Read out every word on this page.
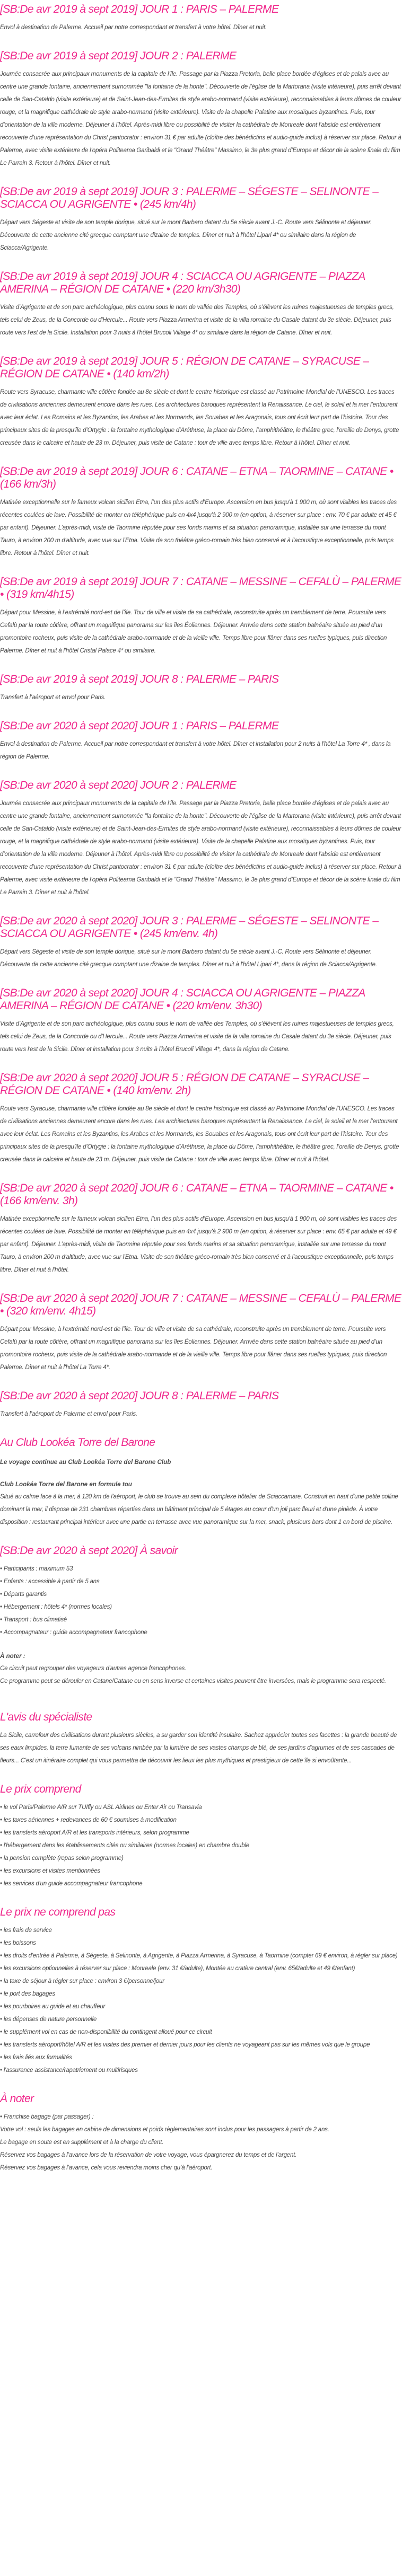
[SB:De avr 2019 à sept 2019] JOUR 1 : PARIS – PALERME

Envol à destination de Palerme. Accueil par notre correspondant et transfert à votre hôtel. Dîner et nuit.

[SB:De avr 2019 à sept 2019] JOUR 2 : PALERME

Journée consacrée aux principaux monuments de la capitale de l’île. Passage par la Piazza Pretoria, belle place bordée d’églises et de palais avec au centre une grande fontaine, anciennement surnommée "la fontaine de la honte". Découverte de l’église de la Martorana (visite intérieure), puis arrêt devant celle de San-Cataldo (visite extérieure) et de Saint-Jean-des-Ermites de style arabo-normand (visite extérieure), reconnaissables à leurs dômes de couleur rouge, et la magnifique cathédrale de style arabo-normand (visite extérieure). Visite de la chapelle Palatine aux mosaïques byzantines. Puis, tour d’orientation de la ville moderne. Déjeuner à l’hôtel. Après-midi libre ou possibilité de visiter la cathédrale de Monreale dont l’abside est entièrement recouverte d’une représentation du Christ pantocrator : environ 31 € par adulte (cloître des bénédictins et audio-guide inclus) à réserver sur place. Retour à Palerme, avec visite extérieure de l’opéra Politeama Garibaldi et le "Grand Théâtre" Massimo, le 3e plus grand d’Europe et décor de la scène finale du film Le Parrain 3. Retour à l'hôtel. Dîner et nuit.

[SB:De avr 2019 à sept 2019] JOUR 3 : PALERME – SÉGESTE – SELINONTE – SCIACCA OU AGRIGENTE • (245 km/4h)

Départ vers Ségeste et visite de son temple dorique, situé sur le mont Barbaro datant du 5e siècle avant J.-C. Route vers Sélinonte et déjeuner. Découverte de cette ancienne cité grecque comptant une dizaine de temples. Dîner et nuit à l'hôtel Lipari 4* ou similaire dans la région de Sciacca/Agrigente.

[SB:De avr 2019 à sept 2019] JOUR 4 : SCIACCA OU AGRIGENTE – PIAZZA AMERINA – RÉGION DE CATANE • (220 km/3h30)

Visite d’Agrigente et de son parc archéologique, plus connu sous le nom de vallée des Temples, où s’élèvent les ruines majestueuses de temples grecs, tels celui de Zeus, de la Concorde ou d'Hercule... Route vers Piazza Armerina et visite de la villa romaine du Casale datant du 3e siècle. Déjeuner, puis route vers l'est de la Sicile. Installation pour 3 nuits à l'hôtel Brucoli Village 4* ou similaire dans la région de Catane. Dîner et nuit.

[SB:De avr 2019 à sept 2019] JOUR 5 : RÉGION DE CATANE – SYRACUSE – RÉGION DE CATANE • (140 km/2h)

Route vers Syracuse, charmante ville côtière fondée au 8e siècle et dont le centre historique est classé au Patrimoine Mondial de l’UNESCO. Les traces de civilisations anciennes demeurent encore dans les rues. Les architectures baroques représentent la Renaissance. Le ciel, le soleil et la mer l’entourent avec leur éclat. Les Romains et les Byzantins, les Arabes et les Normands, les Souabes et les Aragonais, tous ont écrit leur part de l’histoire. Tour des principaux sites de la presqu'île d’Ortygie : la fontaine mythologique d’Aréthuse, la place du Dôme, l’amphithéâtre, le théâtre grec, l’oreille de Denys, grotte creusée dans le calcaire et haute de 23 m. Déjeuner, puis visite de Catane : tour de ville avec temps libre. Retour à l'hôtel. Dîner et nuit.

[SB:De avr 2019 à sept 2019] JOUR 6 : CATANE – ETNA – TAORMINE – CATANE • (166 km/3h)

Matinée exceptionnelle sur le fameux volcan sicilien Etna, l’un des plus actifs d’Europe. Ascension en bus jusqu'à 1 900 m, où sont visibles les traces des récentes coulées de lave. Possibilité de monter en téléphérique puis en 4x4 jusqu'à 2 900 m (en option, à réserver sur place : env. 70 € par adulte et 45 € par enfant). Déjeuner. L’après-midi, visite de Taormine réputée pour ses fonds marins et sa situation panoramique, installée sur une terrasse du mont Tauro, à environ 200 m d'altitude, avec vue sur l'Etna. Visite de son théâtre gréco-romain très bien conservé et à l’acoustique exceptionnelle, puis temps libre. Retour à l'hôtel. Dîner et nuit.

[SB:De avr 2019 à sept 2019] JOUR 7 : CATANE – MESSINE – CEFALÙ – PALERME • (319 km/4h15)

Départ pour Messine, à l’extrémité nord-est de l’île. Tour de ville et visite de sa cathédrale, reconstruite après un tremblement de terre. Poursuite vers Cefalù par la route côtière, offrant un magnifique panorama sur les îles Éoliennes. Déjeuner. Arrivée dans cette station balnéaire située au pied d’un promontoire rocheux, puis visite de la cathédrale arabo-normande et de la vieille ville. Temps libre pour flâner dans ses ruelles typiques, puis direction Palerme. Dîner et nuit à l'hôtel Cristal Palace 4* ou similaire.

[SB:De avr 2019 à sept 2019] JOUR 8 : PALERME – PARIS

Transfert à l’aéroport et envol pour Paris.

[SB:De avr 2020 à sept 2020] JOUR 1 : PARIS – PALERME

Envol à destination de Palerme. Accueil par notre correspondant et transfert à votre hôtel. Dîner et installation pour 2 nuits à l'hôtel La Torre 4* , dans la région de Palerme.

[SB:De avr 2020 à sept 2020] JOUR 2 : PALERME

Journée consacrée aux principaux monuments de la capitale de l’île. Passage par la Piazza Pretoria, belle place bordée d’églises et de palais avec au centre une grande fontaine, anciennement surnommée "la fontaine de la honte". Découverte de l’église de la Martorana (visite intérieure), puis arrêt devant celle de San-Cataldo (visite extérieure) et de Saint-Jean-des-Ermites de style arabo-normand (visite extérieure), reconnaissables à leurs dômes de couleur rouge, et la magnifique cathédrale de style arabo-normand (visite extérieure). Visite de la chapelle Palatine aux mosaïques byzantines. Puis, tour d’orientation de la ville moderne. Déjeuner à l’hôtel. Après-midi libre ou possibilité de visiter la cathédrale de Monreale dont l’abside est entièrement recouverte d’une représentation du Christ pantocrator : environ 31 € par adulte (cloître des bénédictins et audio-guide inclus) à réserver sur place. Retour à Palerme, avec visite extérieure de l’opéra Politeama Garibaldi et le "Grand Théâtre" Massimo, le 3e plus grand d’Europe et décor de la scène finale du film Le Parrain 3. Dîner et nuit à l'hôtel.

[SB:De avr 2020 à sept 2020] JOUR 3 : PALERME – SÉGESTE – SELINONTE – SCIACCA OU AGRIGENTE • (245 km/env. 4h)

Départ vers Ségeste et visite de son temple dorique, situé sur le mont Barbaro datant du 5e siècle avant J.-C. Route vers Sélinonte et déjeuner. Découverte de cette ancienne cité grecque comptant une dizaine de temples. Dîner et nuit à l'hôtel Lipari 4*, dans la région de Sciacca/Agrigente.

[SB:De avr 2020 à sept 2020] JOUR 4 : SCIACCA OU AGRIGENTE – PIAZZA AMERINA – RÉGION DE CATANE • (220 km/env. 3h30)

Visite d’Agrigente et de son parc archéologique, plus connu sous le nom de vallée des Temples, où s’élèvent les ruines majestueuses de temples grecs, tels celui de Zeus, de la Concorde ou d'Hercule... Route vers Piazza Armerina et visite de la villa romaine du Casale datant du 3e siècle. Déjeuner, puis route vers l'est de la Sicile. Dîner et installation pour 3 nuits à l'hôtel Brucoli Village 4*, dans la région de Catane.

[SB:De avr 2020 à sept 2020] JOUR 5 : RÉGION DE CATANE – SYRACUSE – RÉGION DE CATANE • (140 km/env. 2h)

Route vers Syracuse, charmante ville côtière fondée au 8e siècle et dont le centre historique est classé au Patrimoine Mondial de l’UNESCO. Les traces de civilisations anciennes demeurent encore dans les rues. Les architectures baroques représentent la Renaissance. Le ciel, le soleil et la mer l’entourent avec leur éclat. Les Romains et les Byzantins, les Arabes et les Normands, les Souabes et les Aragonais, tous ont écrit leur part de l’histoire. Tour des principaux sites de la presqu'île d’Ortygie : la fontaine mythologique d’Aréthuse, la place du Dôme, l’amphithéâtre, le théâtre grec, l’oreille de Denys, grotte creusée dans le calcaire et haute de 23 m. Déjeuner, puis visite de Catane : tour de ville avec temps libre. Dîner et nuit à l'hôtel.

[SB:De avr 2020 à sept 2020] JOUR 6 : CATANE – ETNA – TAORMINE – CATANE • (166 km/env. 3h)

Matinée exceptionnelle sur le fameux volcan sicilien Etna, l’un des plus actifs d’Europe. Ascension en bus jusqu'à 1 900 m, où sont visibles les traces des récentes coulées de lave. Possibilité de monter en téléphérique puis en 4x4 jusqu'à 2 900 m (en option, à réserver sur place : env. 65 € par adulte et 49 € par enfant). Déjeuner. L’après-midi, visite de Taormine réputée pour ses fonds marins et sa situation panoramique, installée sur une terrasse du mont Tauro, à environ 200 m d'altitude, avec vue sur l'Etna. Visite de son théâtre gréco-romain très bien conservé et à l’acoustique exceptionnelle, puis temps libre. Dîner et nuit à l'hôtel.

[SB:De avr 2020 à sept 2020] JOUR 7 : CATANE – MESSINE – CEFALÙ – PALERME • (320 km/env. 4h15)

Départ pour Messine, à l’extrémité nord-est de l’île. Tour de ville et visite de sa cathédrale, reconstruite après un tremblement de terre. Poursuite vers Cefalù par la route côtière, offrant un magnifique panorama sur les îles Éoliennes. Déjeuner. Arrivée dans cette station balnéaire située au pied d’un promontoire rocheux, puis visite de la cathédrale arabo-normande et de la vieille ville. Temps libre pour flâner dans ses ruelles typiques, puis direction Palerme. Dîner et nuit à l'hôtel La Torre 4*.

[SB:De avr 2020 à sept 2020] JOUR 8 : PALERME – PARIS

Transfert à l’aéroport de Palerme et envol pour Paris.

Au Club Lookéa Torre del Barone
Le voyage continue au Club Lookéa Torre del Barone Club
Club Lookéa Torre del Barone en formule tou

Situé au calme face à la mer, à 120 km de l'aéroport, le club se trouve au sein du complexe hôtelier de Sciaccamare. Construit en haut d'une petite colline dominant la mer, il dispose de 231 chambres réparties dans un bâtiment principal de 5 étages au cœur d'un joli parc fleuri et d'une pinède. À votre disposition : restaurant principal intérieur avec une partie en terrasse avec vue panoramique sur la mer, snack, plusieurs bars dont 1 en bord de piscine.

[SB:De avr 2020 à sept 2020] À savoir
• Participants : maximum 53
• Enfants : accessible à partir de 5 ans
• Départs garantis
• Hébergement : hôtels 4* (normes locales)
• Transport : bus climatisé
• Accompagnateur : guide accompagnateur francophone
À noter :

Ce circuit peut regrouper des voyageurs d'autres agence francophones.

Ce programme peut se dérouler en Catane/Catane ou en sens inverse et certaines visites peuvent être inversées, mais le programme sera respecté.

L'avis du spécialiste

La Sicile, carrefour des civilisations durant plusieurs siècles, a su garder son identité insulaire. Sachez apprécier toutes ses facettes : la grande beauté de ses eaux limpides, la terre fumante de ses volcans nimbée par la lumière de ses vastes champs de blé, de ses jardins d'agrumes et de ses cascades de fleurs... C'est un itinéraire complet qui vous permettra de découvrir les lieux les plus mythiques et prestigieux de cette île si envoûtante...

Le prix comprend
• le vol Paris/Palerme A/R sur TUIfly ou ASL Airlines ou Enter Air ou Transavia
• les taxes aériennes + redevances de 60 € soumises à modification
• les transferts aéroport A/R et les transports intérieurs, selon programme
• l'hébergement dans les établissements cités ou similaires (normes locales) en chambre double
• la pension complète (repas selon programme)
• les excursions et visites mentionnées
• les services d'un guide accompagnateur francophone
Le prix ne comprend pas
• les frais de service
• les boissons
• les droits d'entrée à Palerme, à Ségeste, à Selinonte, à Agrigente, à Piazza Armerina, à Syracuse, à Taormine (compter 69 € environ, à régler sur place)
• les excursions optionnelles à réserver sur place : Monreale (env. 31 €/adulte), Montée au cratère central (env. 65€/adulte et 49 €/enfant)
• la taxe de séjour à régler sur place : environ 3 €/personne/jour
• le port des bagages
• les pourboires au guide et au chauffeur
• les dépenses de nature personnelle
• le supplément vol en cas de non-disponibilité du contingent alloué pour ce circuit
• les transferts aéroport/hôtel A/R et les visites des premier et dernier jours pour les clients ne voyageant pas sur les mêmes vols que le groupe
• les frais liés aux formalités
• l'assurance assistance/rapatriement ou multirisques
À noter
• Franchise bagage (par passager) :

Votre vol : seuls les bagages en cabine de dimensions et poids règlementaires sont inclus pour les passagers à partir de 2 ans.

Le bagage en soute est en supplément et à la charge du client.

Réservez vos bagages à l’avance lors de la réservation de votre voyage, vous épargnerez du temps et de l’argent.

Réservez vos bagages à l’avance, cela vous reviendra moins cher qu’à l’aéroport.
